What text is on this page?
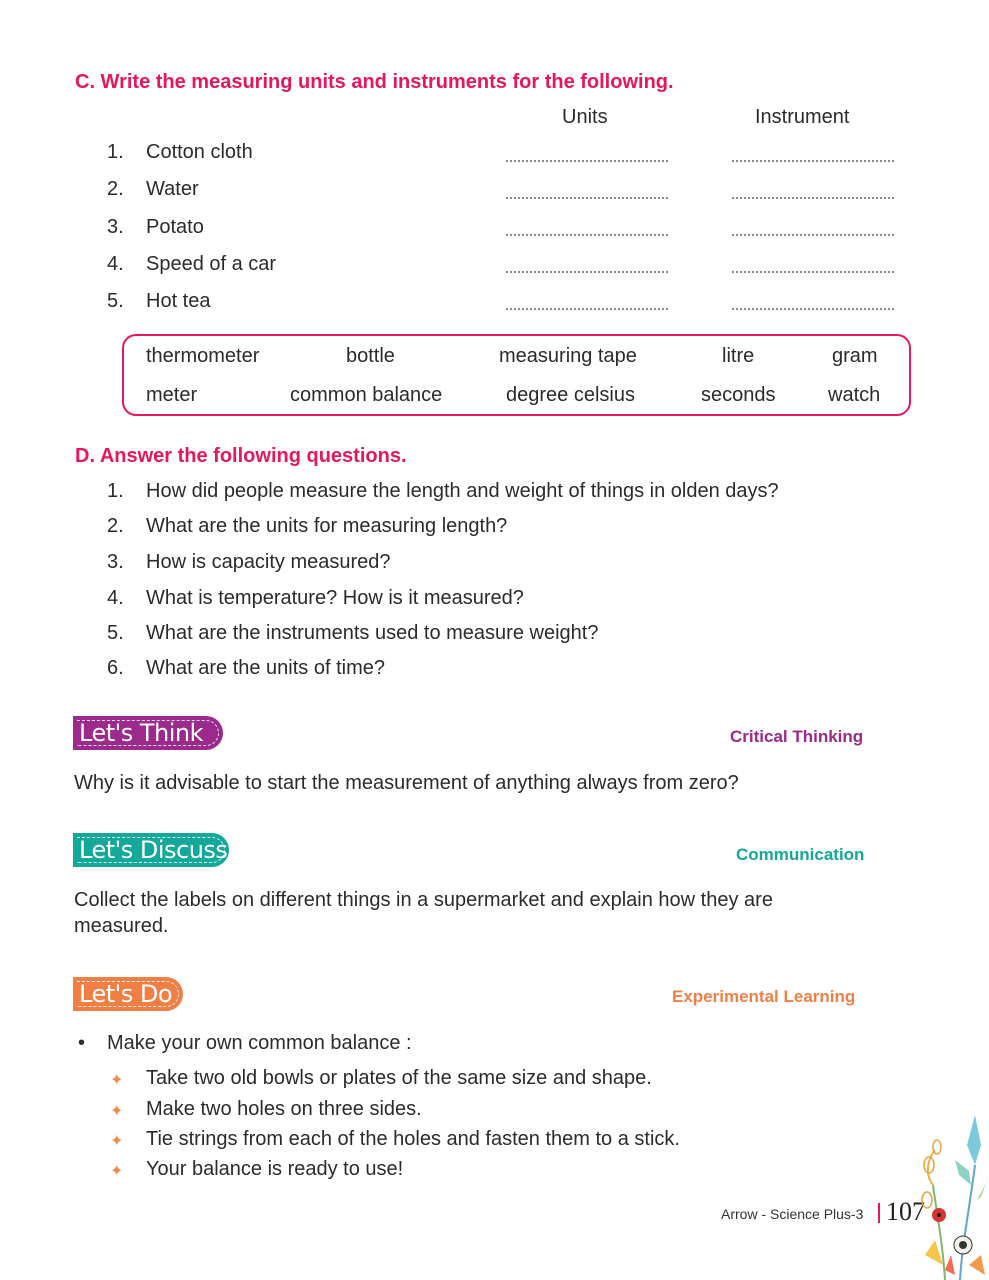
C. Write the measuring units and instruments for the following.
Units	Instrument
1. Cotton cloth
2. Water
3. Potato
4. Speed of a car
5. Hot tea
thermometer	bottle	measuring tape	litre	gram
meter	common balance	degree celsius	seconds	watch
D. Answer the following questions.
1. How did people measure the length and weight of things in olden days?
2. What are the units for measuring length?
3. How is capacity measured?
4. What is temperature? How is it measured?
5. What are the instruments used to measure weight?
6. What are the units of time?
Let's Think	Critical Thinking
Why is it advisable to start the measurement of anything always from zero?
Let's Discuss	Communication
Collect the labels on different things in a supermarket and explain how they are
measured.
Let's Do	Experimental Learning
• Make your own common balance :
✦ Take two old bowls or plates of the same size and shape.
✦ Make two holes on three sides.
✦ Tie strings from each of the holes and fasten them to a stick.
✦ Your balance is ready to use!
Arrow - Science Plus-3 107
